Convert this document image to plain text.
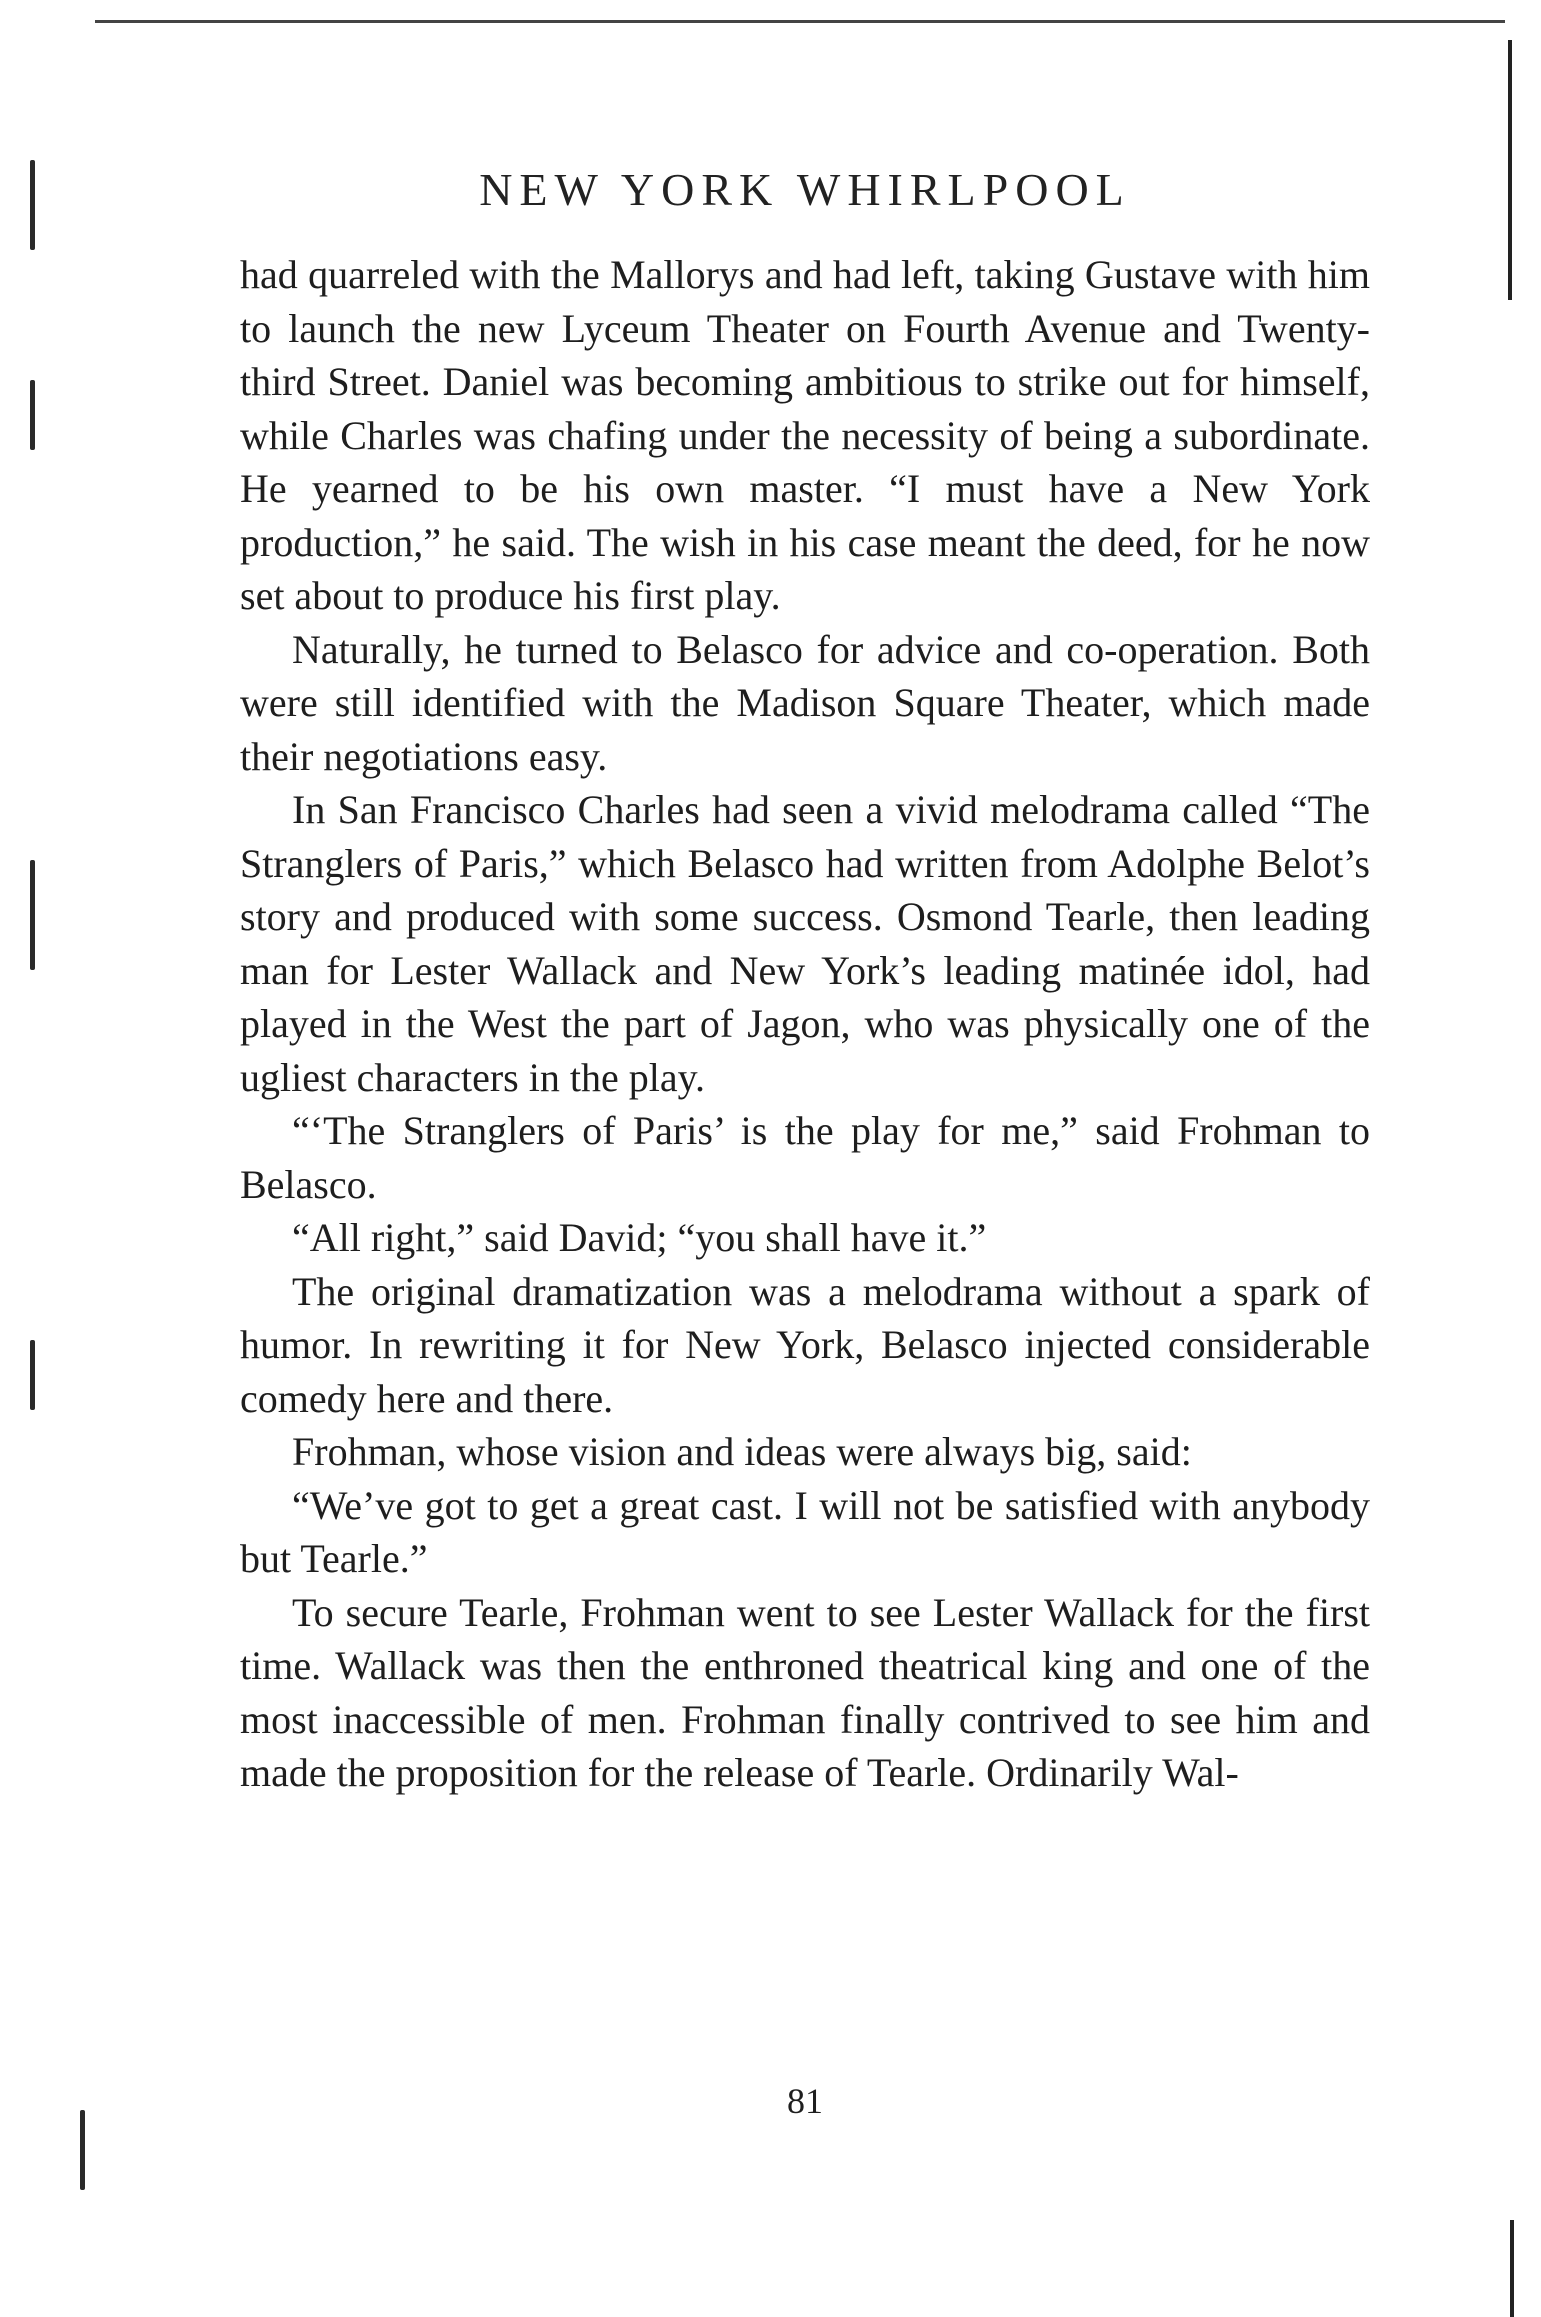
NEW YORK WHIRLPOOL

had quarreled with the Mallorys and had left, taking Gustave with him to launch the new Lyceum Theater on Fourth Avenue and Twenty-third Street. Daniel was becoming ambitious to strike out for himself, while Charles was chafing under the necessity of being a subordinate. He yearned to be his own master. “I must have a New York production,” he said. The wish in his case meant the deed, for he now set about to produce his first play.

Naturally, he turned to Belasco for advice and co-operation. Both were still identified with the Madison Square Theater, which made their negotiations easy.

In San Francisco Charles had seen a vivid melodrama called “The Stranglers of Paris,” which Belasco had written from Adolphe Belot’s story and produced with some success. Osmond Tearle, then leading man for Lester Wallack and New York’s leading matinée idol, had played in the West the part of Jagon, who was physically one of the ugliest characters in the play.

“‘The Stranglers of Paris’ is the play for me,” said Frohman to Belasco.

“All right,” said David; “you shall have it.”

The original dramatization was a melodrama without a spark of humor. In rewriting it for New York, Belasco injected considerable comedy here and there.

Frohman, whose vision and ideas were always big, said:

“We’ve got to get a great cast. I will not be satisfied with anybody but Tearle.”

To secure Tearle, Frohman went to see Lester Wallack for the first time. Wallack was then the enthroned theatrical king and one of the most inaccessible of men. Frohman finally contrived to see him and made the proposition for the release of Tearle. Ordinarily Wal-

81
